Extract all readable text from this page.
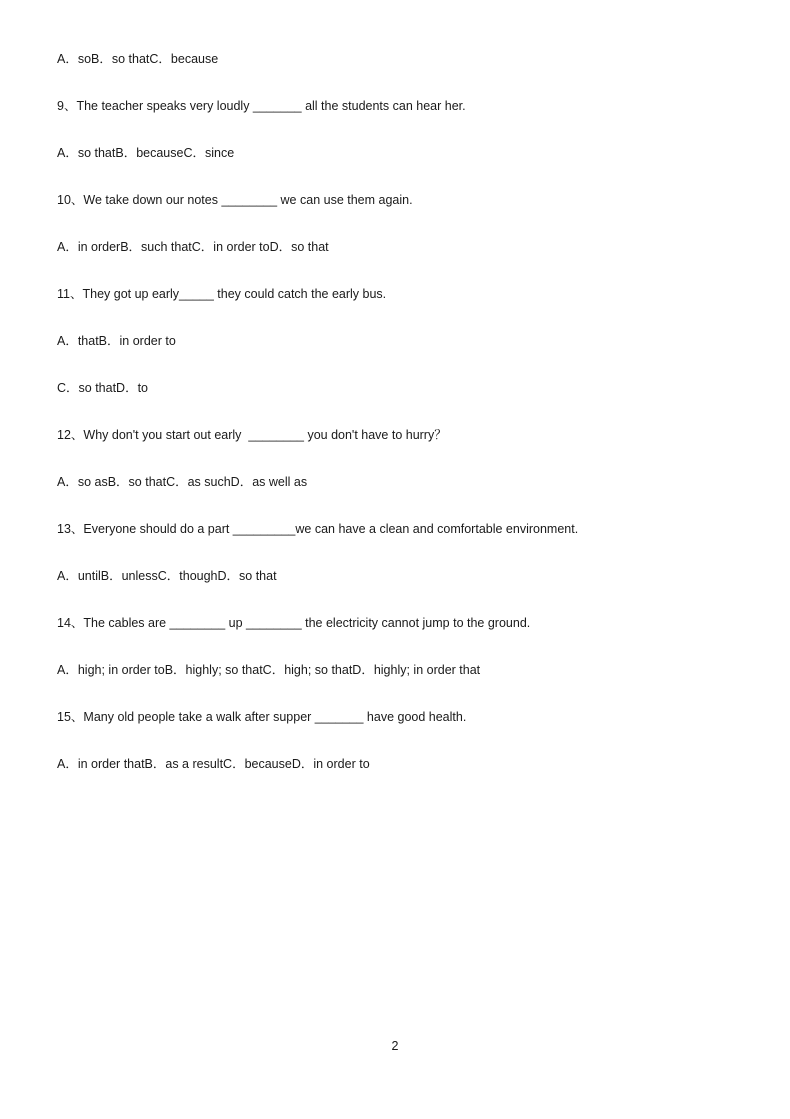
A．soB．so thatC．because
9、The teacher speaks very loudly _______ all the students can hear her.
A．so thatB．becauseC．since
10、We take down our notes ________ we can use them again.
A．in orderB．such thatC．in order toD．so that
11、They got up early_____ they could catch the early bus.
A．thatB．in order to
C．so thatD．to
12、Why don't you start out early  ________ you don't have to hurry？
A．so asB．so thatC．as suchD．as well as
13、Everyone should do a part _________we can have a clean and comfortable environment.
A．untilB．unlessC．thoughD．so that
14、The cables are ________ up ________ the electricity cannot jump to the ground.
A．high; in order toB．highly; so thatC．high; so thatD．highly; in order that
15、Many old people take a walk after supper _______ have good health.
A．in order thatB．as a resultC．becauseD．in order to
2
